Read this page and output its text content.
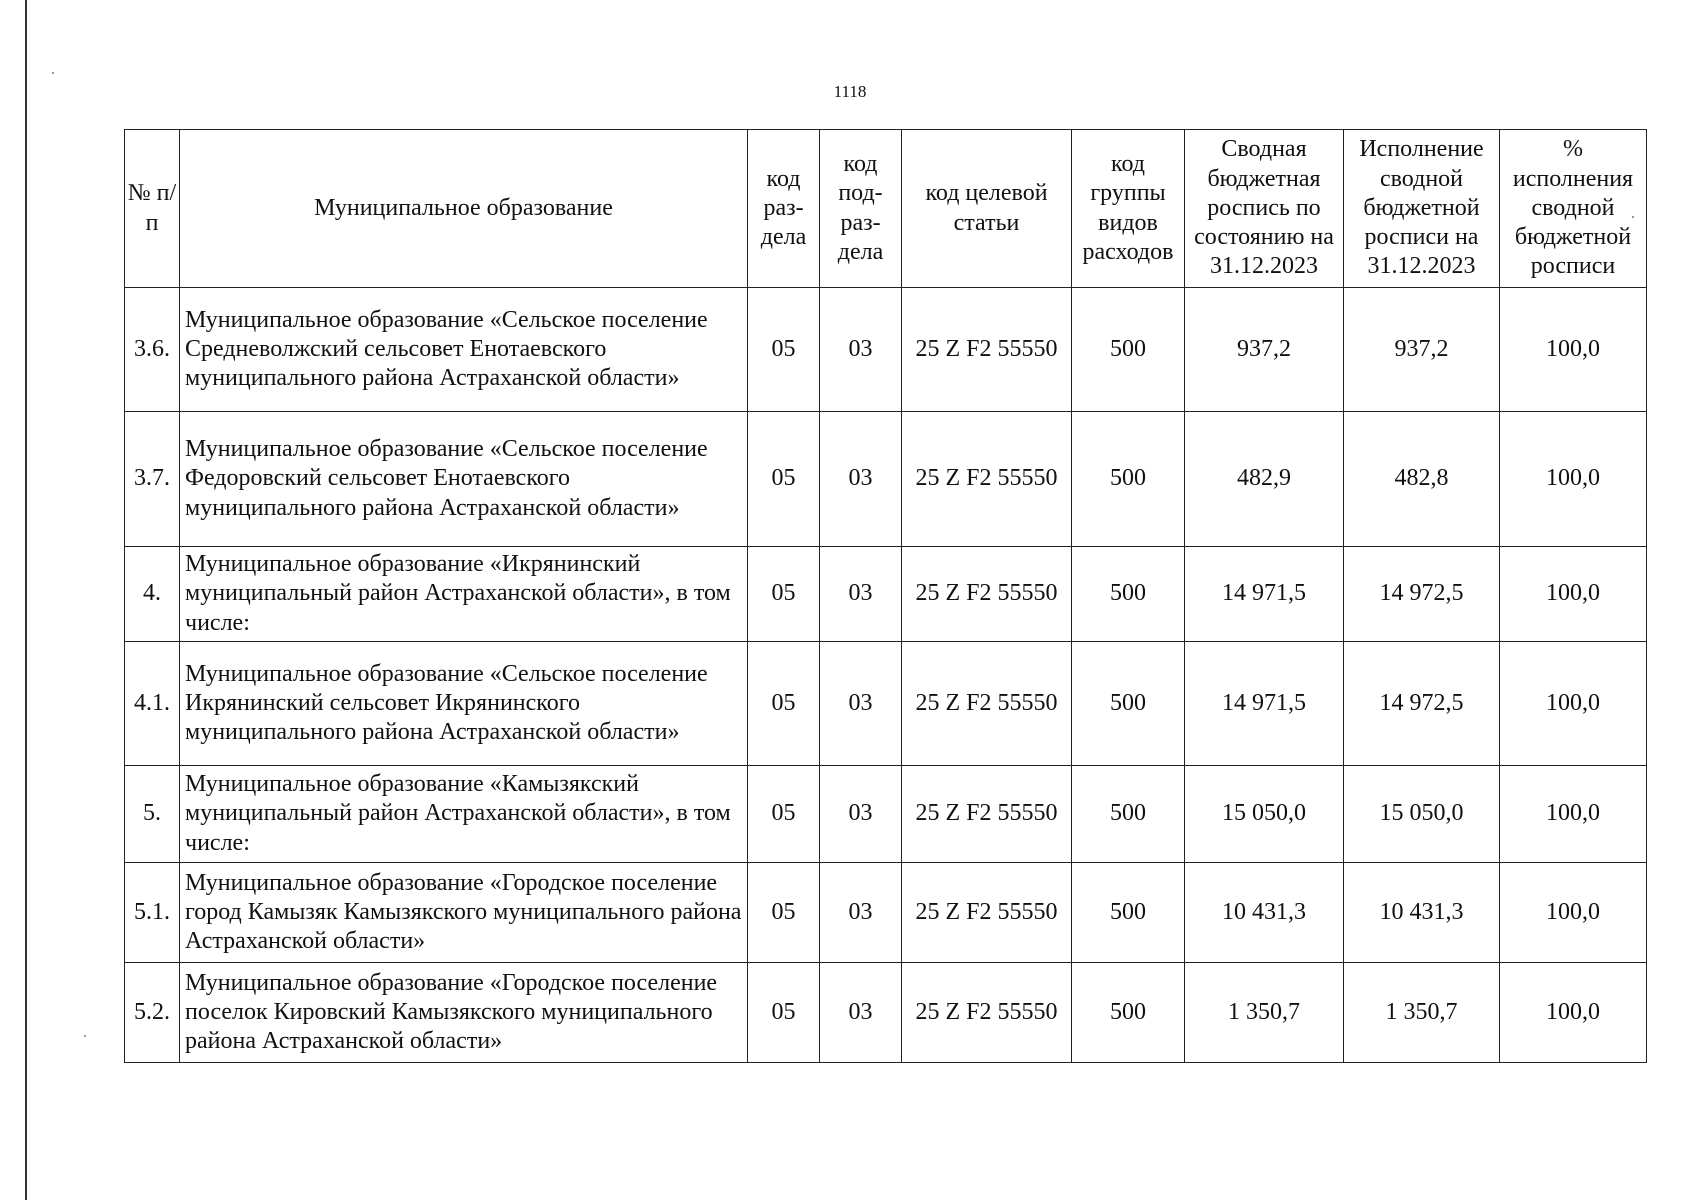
1118
№ п/п	Муниципальное образование	код раз-дела	код под-раз-дела	код целевой статьи	код группы видов расходов	Сводная бюджетная роспись по состоянию на 31.12.2023	Исполнение сводной бюджетной росписи на 31.12.2023	% исполнения сводной бюджетной росписи
3.6.	Муниципальное образование «Сельское поселение Средневолжский сельсовет Енотаевского муниципального района Астраханской области»	05	03	25 Z F2 55550	500	937,2	937,2	100,0
3.7.	Муниципальное образование «Сельское поселение Федоровский сельсовет Енотаевского муниципального района Астраханской области»	05	03	25 Z F2 55550	500	482,9	482,8	100,0
4.	Муниципальное образование «Икрянинский муниципальный район Астраханской области», в том числе:	05	03	25 Z F2 55550	500	14 971,5	14 972,5	100,0
4.1.	Муниципальное образование «Сельское поселение Икрянинский сельсовет Икрянинского муниципального района Астраханской области»	05	03	25 Z F2 55550	500	14 971,5	14 972,5	100,0
5.	Муниципальное образование «Камызякский муниципальный район Астраханской области», в том числе:	05	03	25 Z F2 55550	500	15 050,0	15 050,0	100,0
5.1.	Муниципальное образование «Городское поселение город Камызяк Камызякского муниципального района Астраханской области»	05	03	25 Z F2 55550	500	10 431,3	10 431,3	100,0
5.2.	Муниципальное образование «Городское поселение поселок Кировский Камызякского муниципального района Астраханской области»	05	03	25 Z F2 55550	500	1 350,7	1 350,7	100,0
